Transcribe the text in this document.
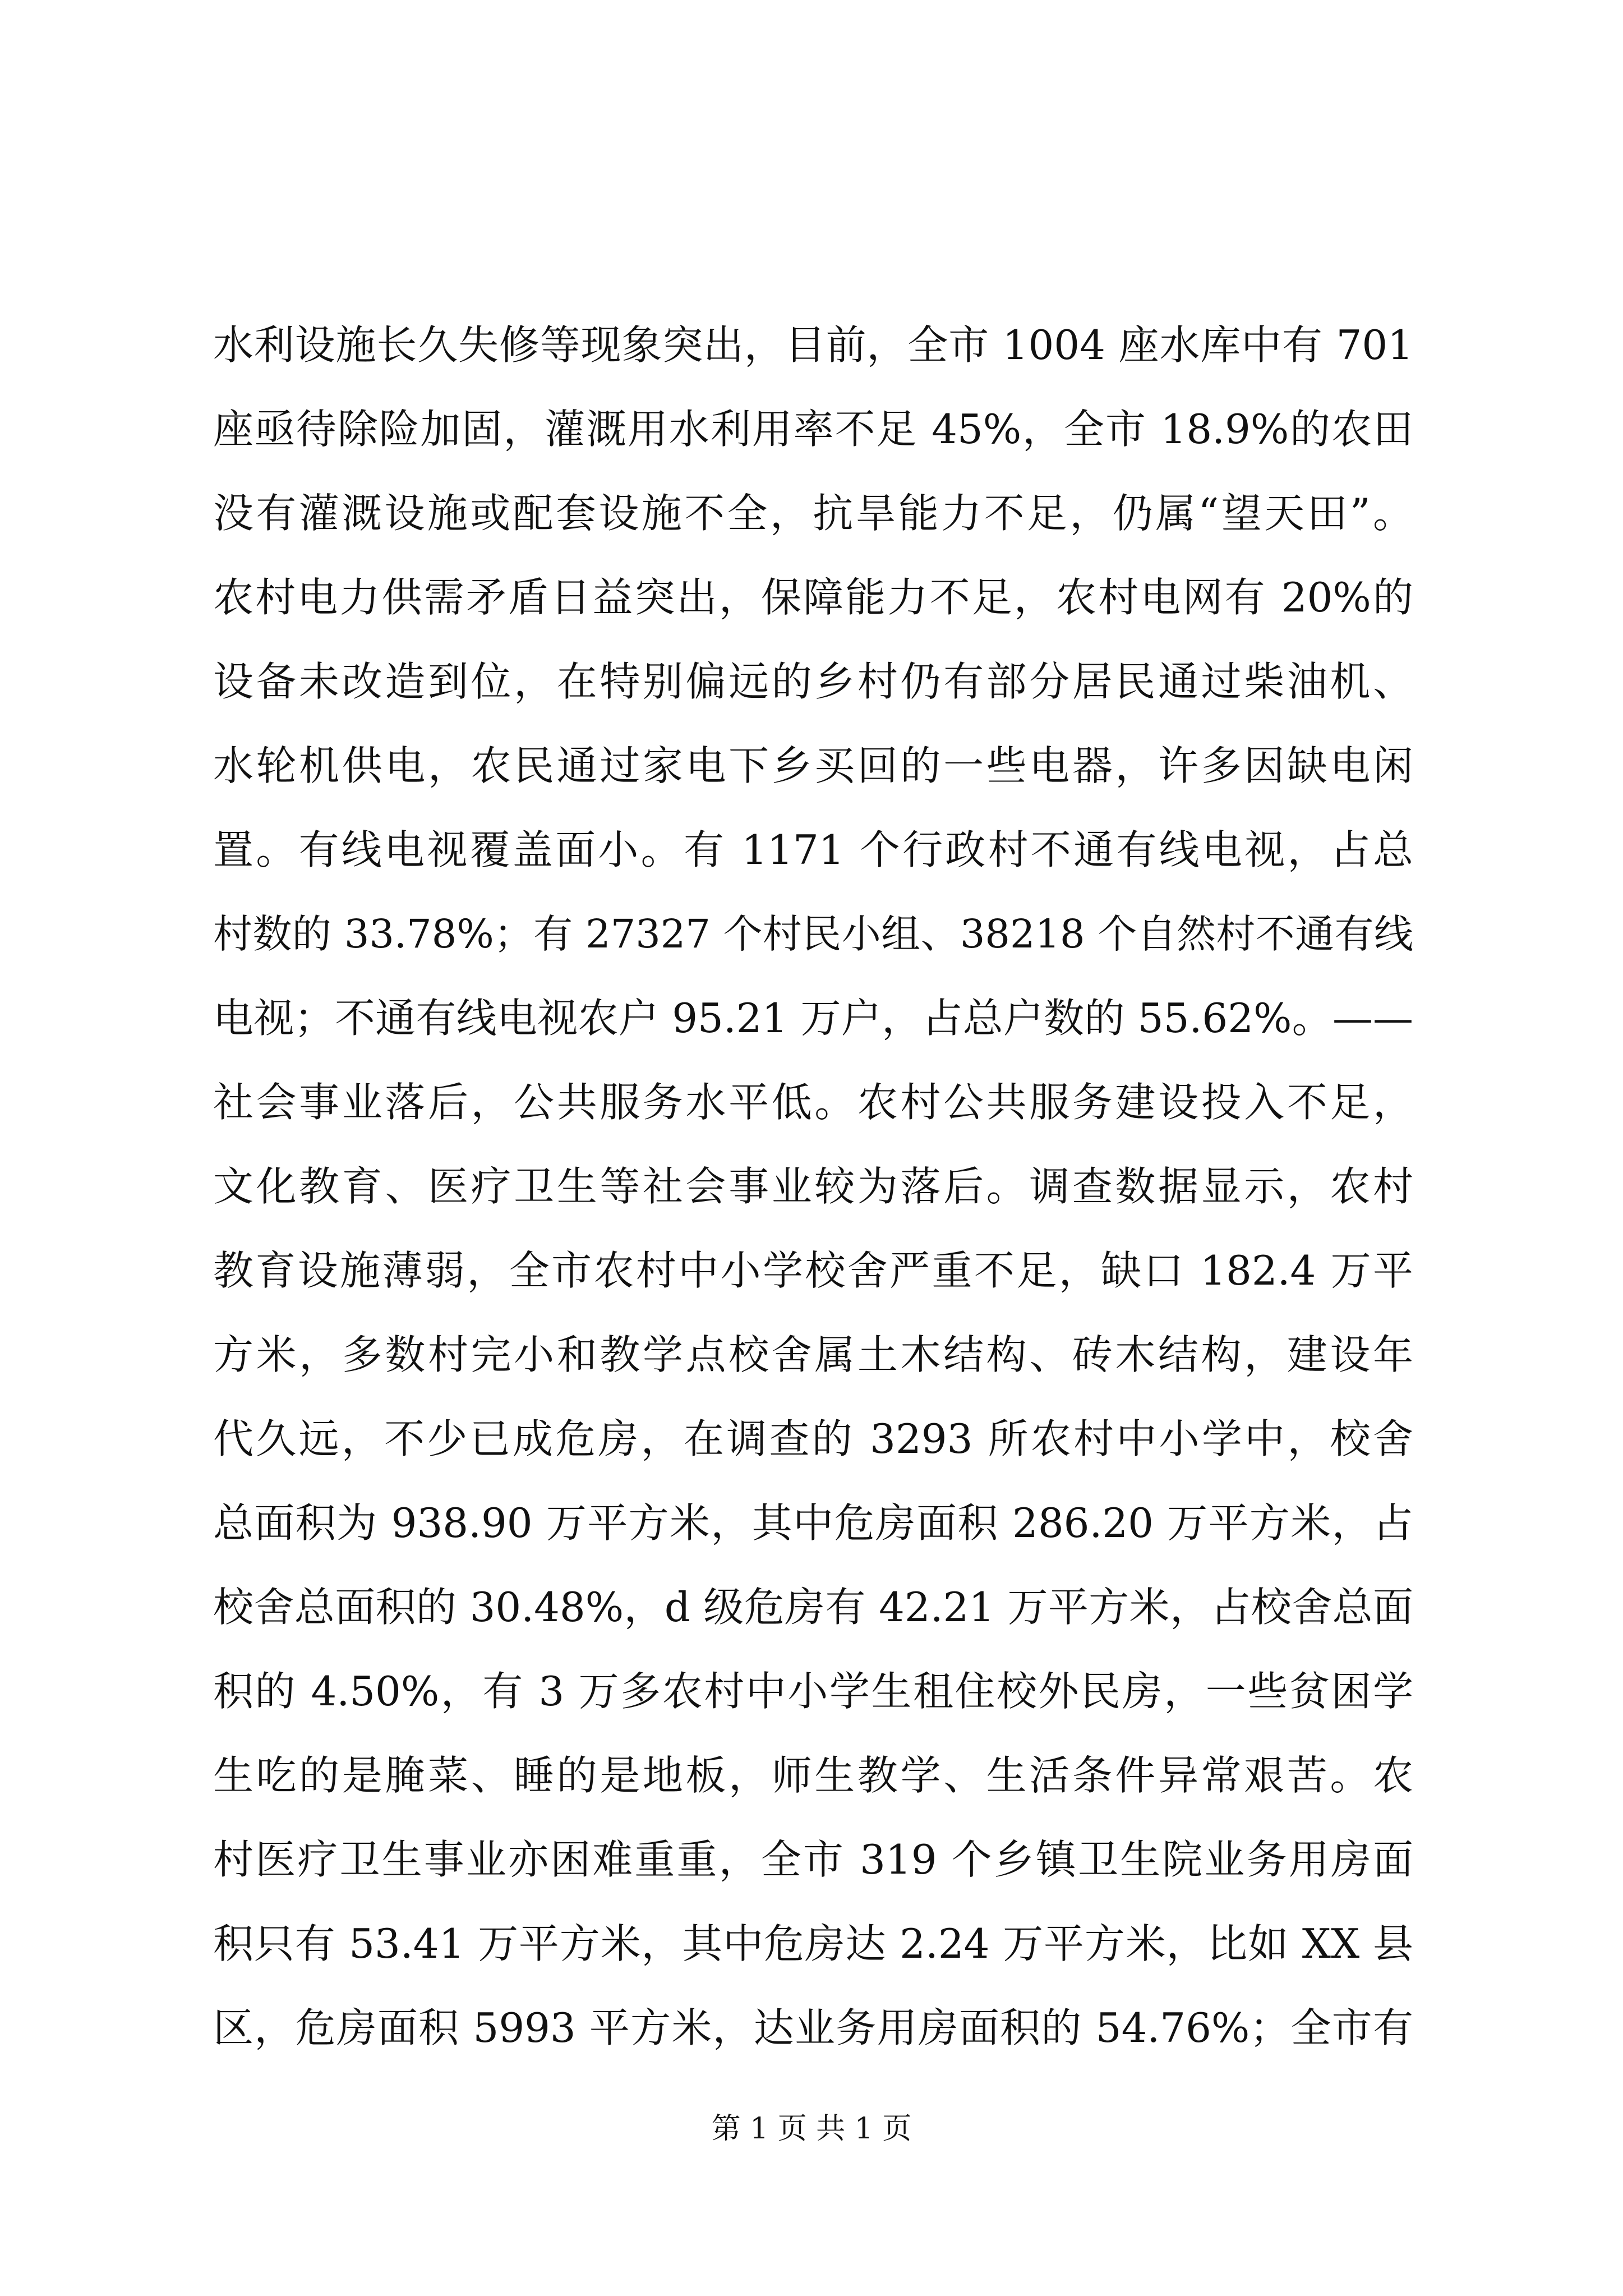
水利设施长久失修等现象突出，目前，全市 1004 座水库中有 701
座亟待除险加固，灌溉用水利用率不足 45%，全市 18.9%的农田
没有灌溉设施或配套设施不全，抗旱能力不足，仍属“望天田”。
农村电力供需矛盾日益突出，保障能力不足，农村电网有 20%的
设备未改造到位，在特别偏远的乡村仍有部分居民通过柴油机、
水轮机供电，农民通过家电下乡买回的一些电器，许多因缺电闲
置。有线电视覆盖面小。有 1171 个行政村不通有线电视，占总
村数的 33.78%；有 27327 个村民小组、38218 个自然村不通有线
电视；不通有线电视农户 95.21 万户，占总户数的 55.62%。——
社会事业落后，公共服务水平低。农村公共服务建设投入不足，
文化教育、医疗卫生等社会事业较为落后。调查数据显示，农村
教育设施薄弱，全市农村中小学校舍严重不足，缺口 182.4 万平
方米，多数村完小和教学点校舍属土木结构、砖木结构，建设年
代久远，不少已成危房，在调查的 3293 所农村中小学中，校舍
总面积为 938.90 万平方米，其中危房面积 286.20 万平方米，占
校舍总面积的 30.48%，d 级危房有 42.21 万平方米，占校舍总面
积的 4.50%，有 3 万多农村中小学生租住校外民房，一些贫困学
生吃的是腌菜、睡的是地板，师生教学、生活条件异常艰苦。农
村医疗卫生事业亦困难重重，全市 319 个乡镇卫生院业务用房面
积只有 53.41 万平方米，其中危房达 2.24 万平方米，比如 XX 县
区，危房面积 5993 平方米，达业务用房面积的 54.76%；全市有
第 1 页 共 1 页
